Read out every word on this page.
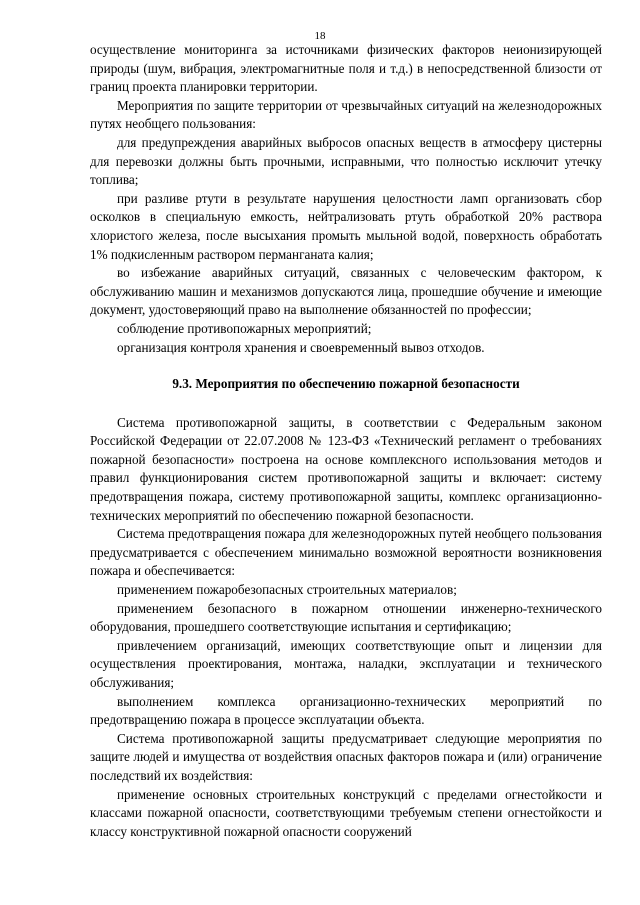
18

осуществление мониторинга за источниками физических факторов неионизирующей природы (шум, вибрация, электромагнитные поля и т.д.) в непосредственной близости от границ проекта планировки территории.

Мероприятия по защите территории от чрезвычайных ситуаций на железнодорожных путях необщего пользования:

для предупреждения аварийных выбросов опасных веществ в атмосферу цистерны для перевозки должны быть прочными, исправными, что полностью исключит утечку топлива;

при разливе ртути в результате нарушения целостности ламп организовать сбор осколков в специальную емкость, нейтрализовать ртуть обработкой 20% раствора хлористого железа, после высыхания промыть мыльной водой, поверхность обработать 1% подкисленным раствором перманганата калия;

во избежание аварийных ситуаций, связанных с человеческим фактором, к обслуживанию машин и механизмов допускаются лица, прошедшие обучение и имеющие документ, удостоверяющий право на выполнение обязанностей по профессии;

соблюдение противопожарных мероприятий;

организация контроля хранения и своевременный вывоз отходов.

9.3. Мероприятия по обеспечению пожарной безопасности

Система противопожарной защиты, в соответствии с Федеральным законом Российской Федерации от 22.07.2008 № 123-ФЗ «Технический регламент о требованиях пожарной безопасности» построена на основе комплексного использования методов и правил функционирования систем противопожарной защиты и включает: систему предотвращения пожара, систему противопожарной защиты, комплекс организационно-технических мероприятий по обеспечению пожарной безопасности.

Система предотвращения пожара для железнодорожных путей необщего пользования предусматривается с обеспечением минимально возможной вероятности возникновения пожара и обеспечивается:

применением пожаробезопасных строительных материалов;

применением безопасного в пожарном отношении инженерно-технического оборудования, прошедшего соответствующие испытания и сертификацию;

привлечением организаций, имеющих соответствующие опыт и лицензии для осуществления проектирования, монтажа, наладки, эксплуатации и технического обслуживания;

выполнением комплекса организационно-технических мероприятий по предотвращению пожара в процессе эксплуатации объекта.

Система противопожарной защиты предусматривает следующие мероприятия по защите людей и имущества от воздействия опасных факторов пожара и (или) ограничение последствий их воздействия:

применение основных строительных конструкций с пределами огнестойкости и классами пожарной опасности, соответствующими требуемым степени огнестойкости и классу конструктивной пожарной опасности сооружений
